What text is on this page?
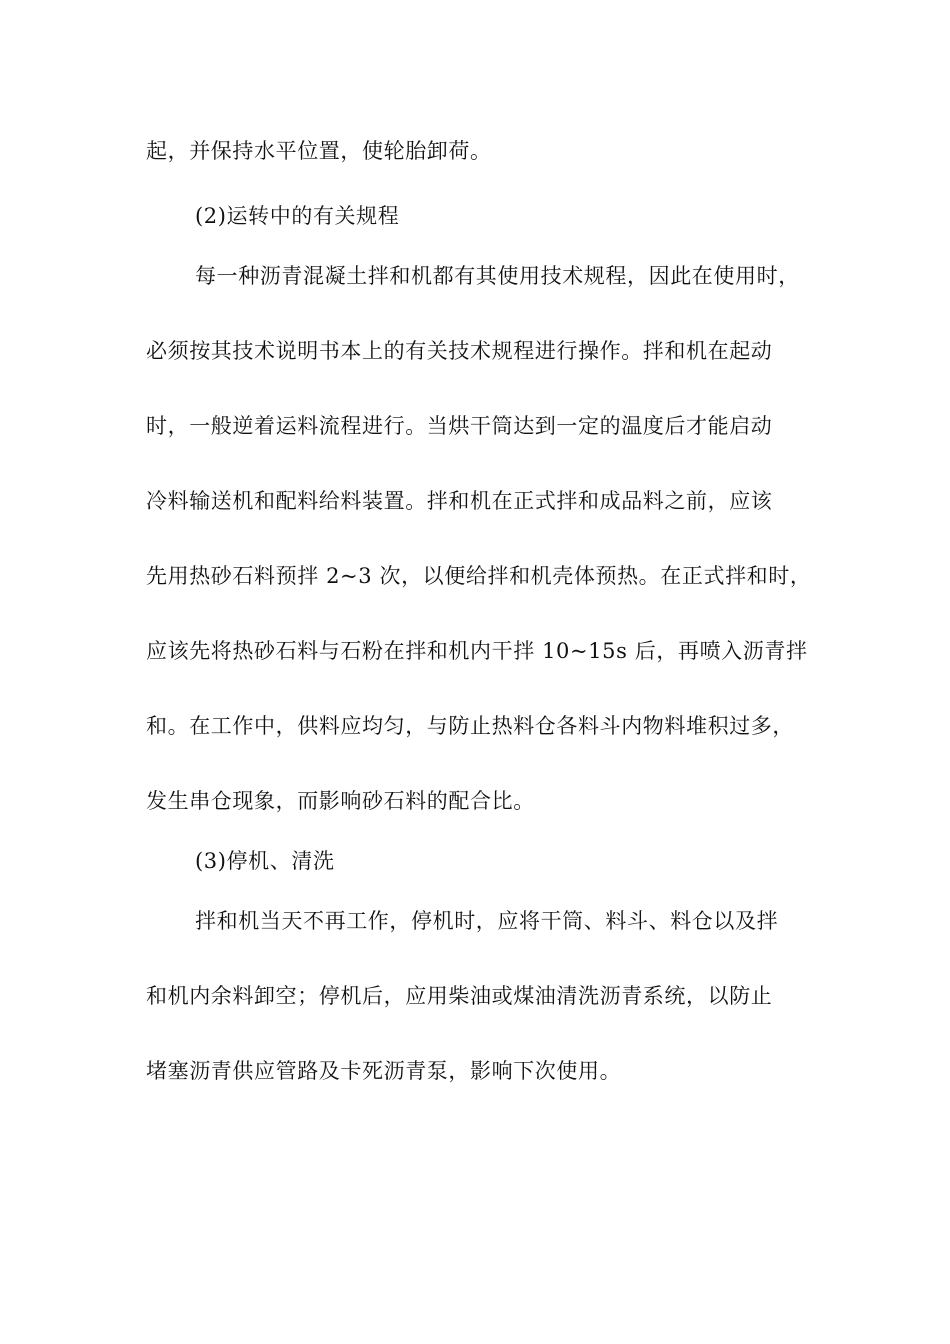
起，并保持水平位置，使轮胎卸荷。
(2)运转中的有关规程
每一种沥青混凝土拌和机都有其使用技术规程，因此在使用时，
必须按其技术说明书本上的有关技术规程进行操作。拌和机在起动
时，一般逆着运料流程进行。当烘干筒达到一定的温度后才能启动
冷料输送机和配料给料装置。拌和机在正式拌和成品料之前，应该
先用热砂石料预拌 2~3 次，以便给拌和机壳体预热。在正式拌和时，
应该先将热砂石料与石粉在拌和机内干拌 10~15s 后，再喷入沥青拌
和。在工作中，供料应均匀，与防止热料仓各料斗内物料堆积过多，
发生串仓现象，而影响砂石料的配合比。
(3)停机、清洗
拌和机当天不再工作，停机时，应将干筒、料斗、料仓以及拌
和机内余料卸空；停机后，应用柴油或煤油清洗沥青系统，以防止
堵塞沥青供应管路及卡死沥青泵，影响下次使用。
